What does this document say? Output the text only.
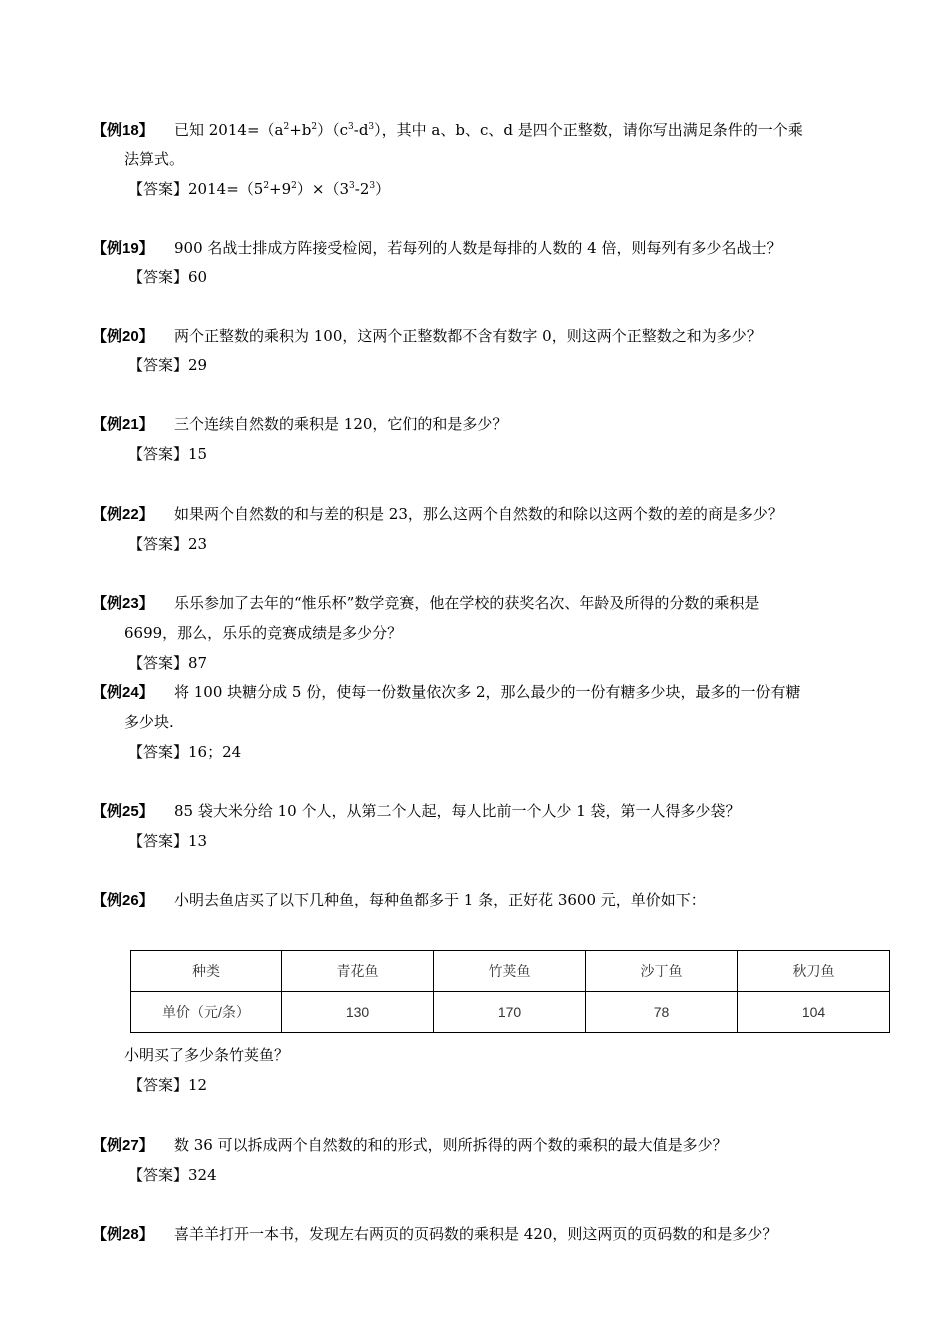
【例18】 已知 $2014=(a^2+b^2)(c^3-d^3)$，其中 a、b、c、d 是四个正整数，请你写出满足条件的一个乘
法算式。
【答案】$2014=(5^2+9^2)\times(3^3-2^3)$
【例19】 900 名战士排成方阵接受检阅，若每列的人数是每排的人数的 4 倍，则每列有多少名战士？
【答案】60
【例20】 两个正整数的乘积为 100，这两个正整数都不含有数字 0，则这两个正整数之和为多少？
【答案】29
【例21】 三个连续自然数的乘积是 120，它们的和是多少？
【答案】15
【例22】 如果两个自然数的和与差的积是 23，那么这两个自然数的和除以这两个数的差的商是多少？
【答案】23
【例23】 乐乐参加了去年的“惟乐杯”数学竞赛，他在学校的获奖名次、年龄及所得的分数的乘积是
6699，那么，乐乐的竞赛成绩是多少分？
【答案】87
【例24】 将 100 块糖分成 5 份，使每一份数量依次多 2，那么最少的一份有糖多少块，最多的一份有糖
多少块.
【答案】16；24
【例25】 85 袋大米分给 10 个人，从第二个人起，每人比前一个人少 1 袋，第一人得多少袋？
【答案】13
【例26】 小明去鱼店买了以下几种鱼，每种鱼都多于 1 条，正好花 3600 元，单价如下：
种类	青花鱼	竹荚鱼	沙丁鱼	秋刀鱼
单价（元/条）	130	170	78	104
小明买了多少条竹荚鱼？
【答案】12
【例27】 数 36 可以拆成两个自然数的和的形式，则所拆得的两个数的乘积的最大值是多少？
【答案】324
【例28】 喜羊羊打开一本书，发现左右两页的页码数的乘积是 420，则这两页的页码数的和是多少？
